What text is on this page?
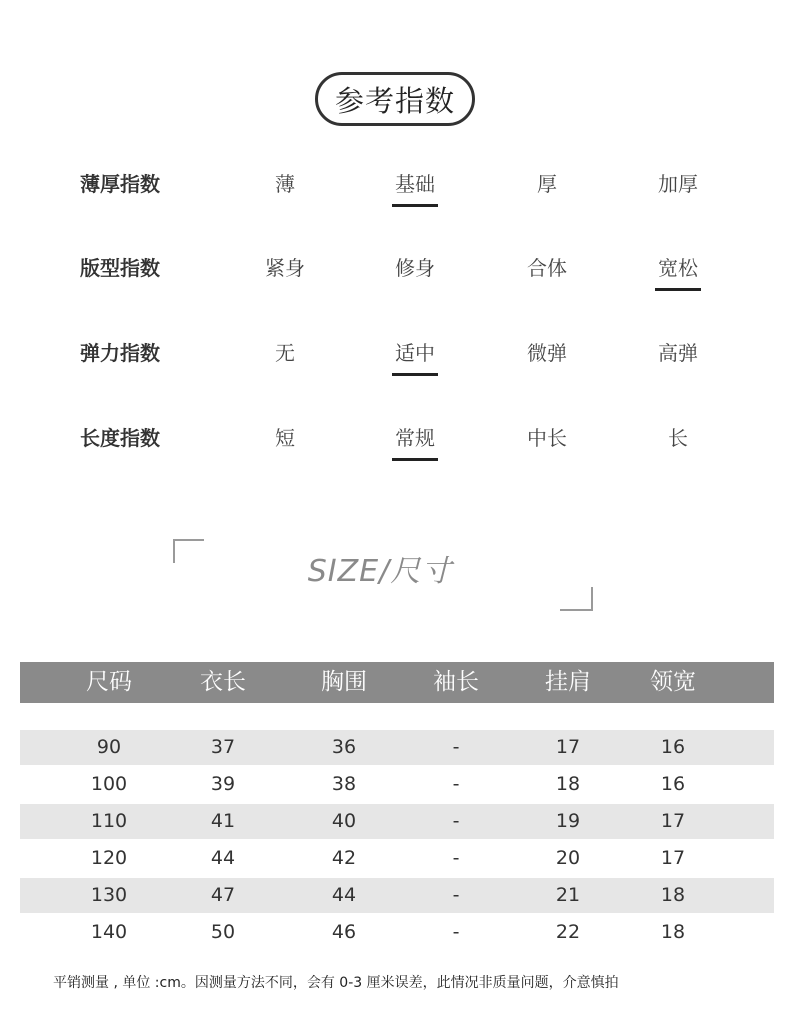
参考指数
薄厚指数	薄	基础	厚	加厚
版型指数	紧身	修身	合体	宽松
弹力指数	无	适中	微弹	高弹
长度指数	短	常规	中长	长
SIZE/尺寸
尺码	衣长	胸围	袖长	挂肩	领宽
90	37	36	-	17	16
100	39	38	-	18	16
110	41	40	-	19	17
120	44	42	-	20	17
130	47	44	-	21	18
140	50	46	-	22	18
平销测量 , 单位 :cm。因测量方法不同，会有 0-3 厘米误差，此情况非质量问题，介意慎拍
